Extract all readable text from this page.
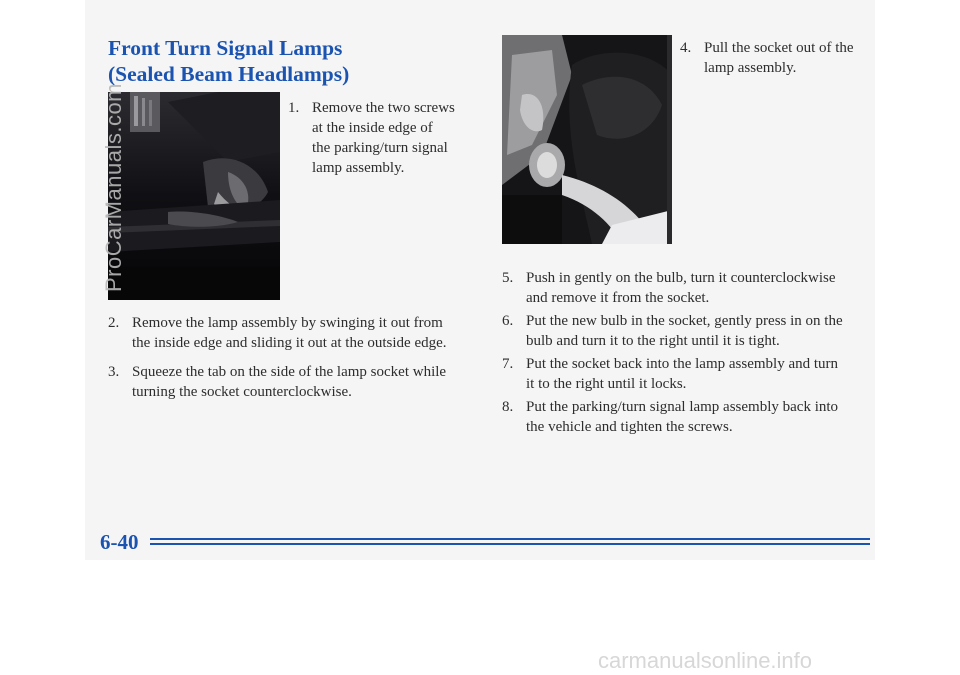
Front Turn Signal Lamps
(Sealed Beam Headlamps)
1. Remove the two screws
at the inside edge of
the parking/turn signal
lamp assembly.
2. Remove the lamp assembly by swinging it out from
the inside edge and sliding it out at the outside edge.
3. Squeeze the tab on the side of the lamp socket while
turning the socket counterclockwise.
4. Pull the socket out of the
lamp assembly.
5. Push in gently on the bulb, turn it counterclockwise
and remove it from the socket.
6. Put the new bulb in the socket, gently press in on the
bulb and turn it to the right until it is tight.
7. Put the socket back into the lamp assembly and turn
it to the right until it locks.
8. Put the parking/turn signal lamp assembly back into
the vehicle and tighten the screws.
6-40
ProCarManuals.com
carmanualsonline.info
